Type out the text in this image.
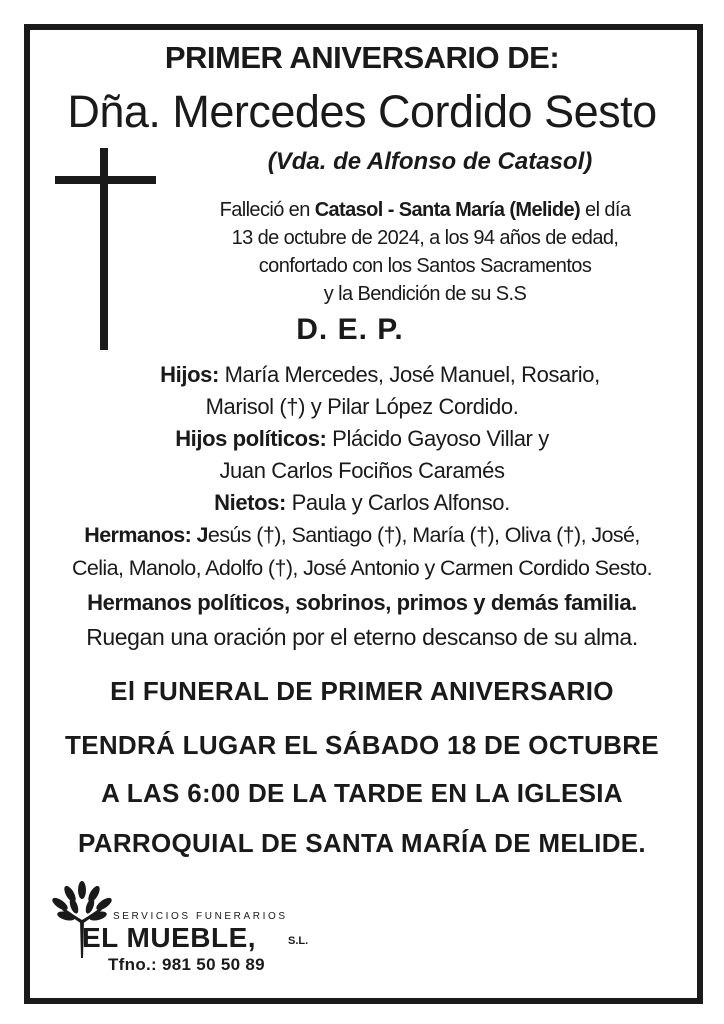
PRIMER ANIVERSARIO DE:
Dña. Mercedes Cordido Sesto
(Vda. de Alfonso de Catasol)
Falleció en Catasol - Santa María (Melide) el día
13 de octubre de 2024, a los 94 años de edad,
confortado con los Santos Sacramentos
y la Bendición de su S.S
D. E. P.
Hijos: María Mercedes, José Manuel, Rosario,
Marisol (†) y Pilar López Cordido.
Hijos políticos: Plácido Gayoso Villar y
Juan Carlos Fociños Caramés
Nietos: Paula y Carlos Alfonso.
Hermanos: Jesús (†), Santiago (†), María (†), Oliva (†), José,
Celia, Manolo, Adolfo (†), José Antonio y Carmen Cordido Sesto.
Hermanos políticos, sobrinos, primos y demás familia.
Ruegan una oración por el eterno descanso de su alma.
El FUNERAL DE PRIMER ANIVERSARIO
TENDRÁ LUGAR EL SÁBADO 18 DE OCTUBRE
A LAS 6:00 DE LA TARDE EN LA IGLESIA
PARROQUIAL DE SANTA MARÍA DE MELIDE.
SERVICIOS FUNERARIOS
EL MUEBLE,	S.L.
Tfno.: 981 50 50 89
